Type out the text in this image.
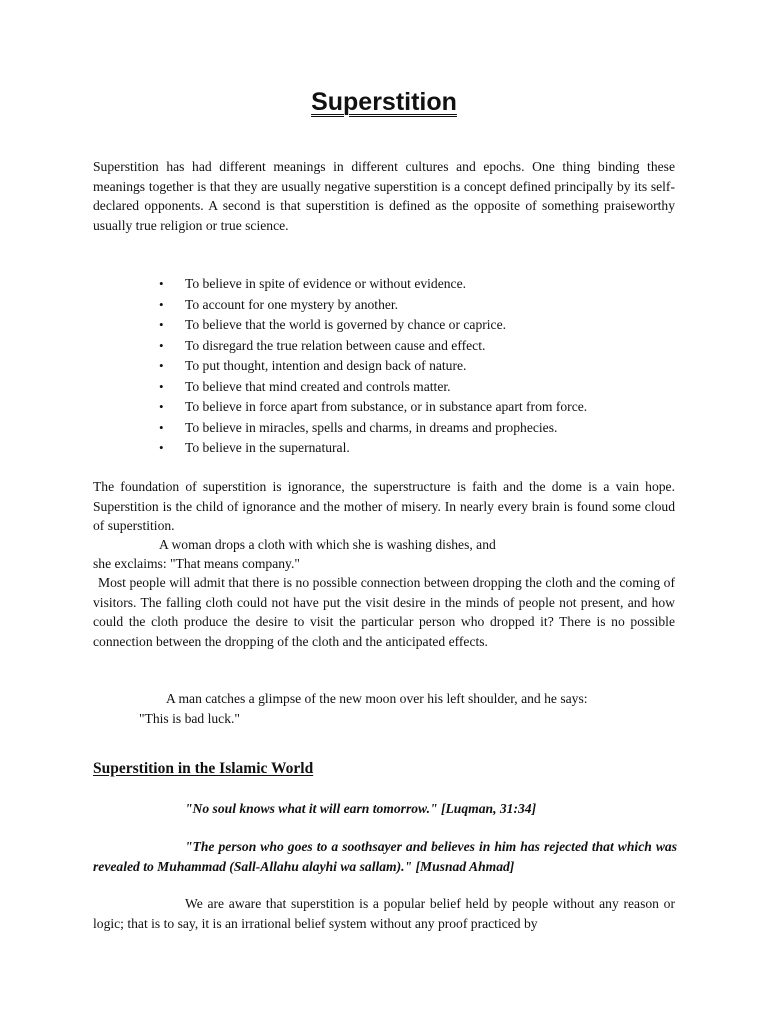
Superstition

Superstition has had different meanings in different cultures and epochs. One thing binding these meanings together is that they are usually negative superstition is a concept defined principally by its self-declared opponents. A second is that superstition is defined as the opposite of something praiseworthy usually true religion or true science.

• To believe in spite of evidence or without evidence.
• To account for one mystery by another.
• To believe that the world is governed by chance or caprice.
• To disregard the true relation between cause and effect.
• To put thought, intention and design back of nature.
• To believe that mind created and controls matter.
• To believe in force apart from substance, or in substance apart from force.
• To believe in miracles, spells and charms, in dreams and prophecies.
• To believe in the supernatural.

The foundation of superstition is ignorance, the superstructure is faith and the dome is a vain hope. Superstition is the child of ignorance and the mother of misery. In nearly every brain is found some cloud of superstition.

A woman drops a cloth with which she is washing dishes, and

she exclaims: "That means company."

Most people will admit that there is no possible connection between dropping the cloth and the coming of visitors. The falling cloth could not have put the visit desire in the minds of people not present, and how could the cloth produce the desire to visit the particular person who dropped it? There is no possible connection between the dropping of the cloth and the anticipated effects.

A man catches a glimpse of the new moon over his left shoulder, and he says:

"This is bad luck."

Superstition in the Islamic World

"No soul knows what it will earn tomorrow." [Luqman, 31:34]

"The person who goes to a soothsayer and believes in him has rejected that which was revealed to Muhammad (Sall-Allahu alayhi wa sallam)." [Musnad Ahmad]

We are aware that superstition is a popular belief held by people without any reason or logic; that is to say, it is an irrational belief system without any proof practiced by
